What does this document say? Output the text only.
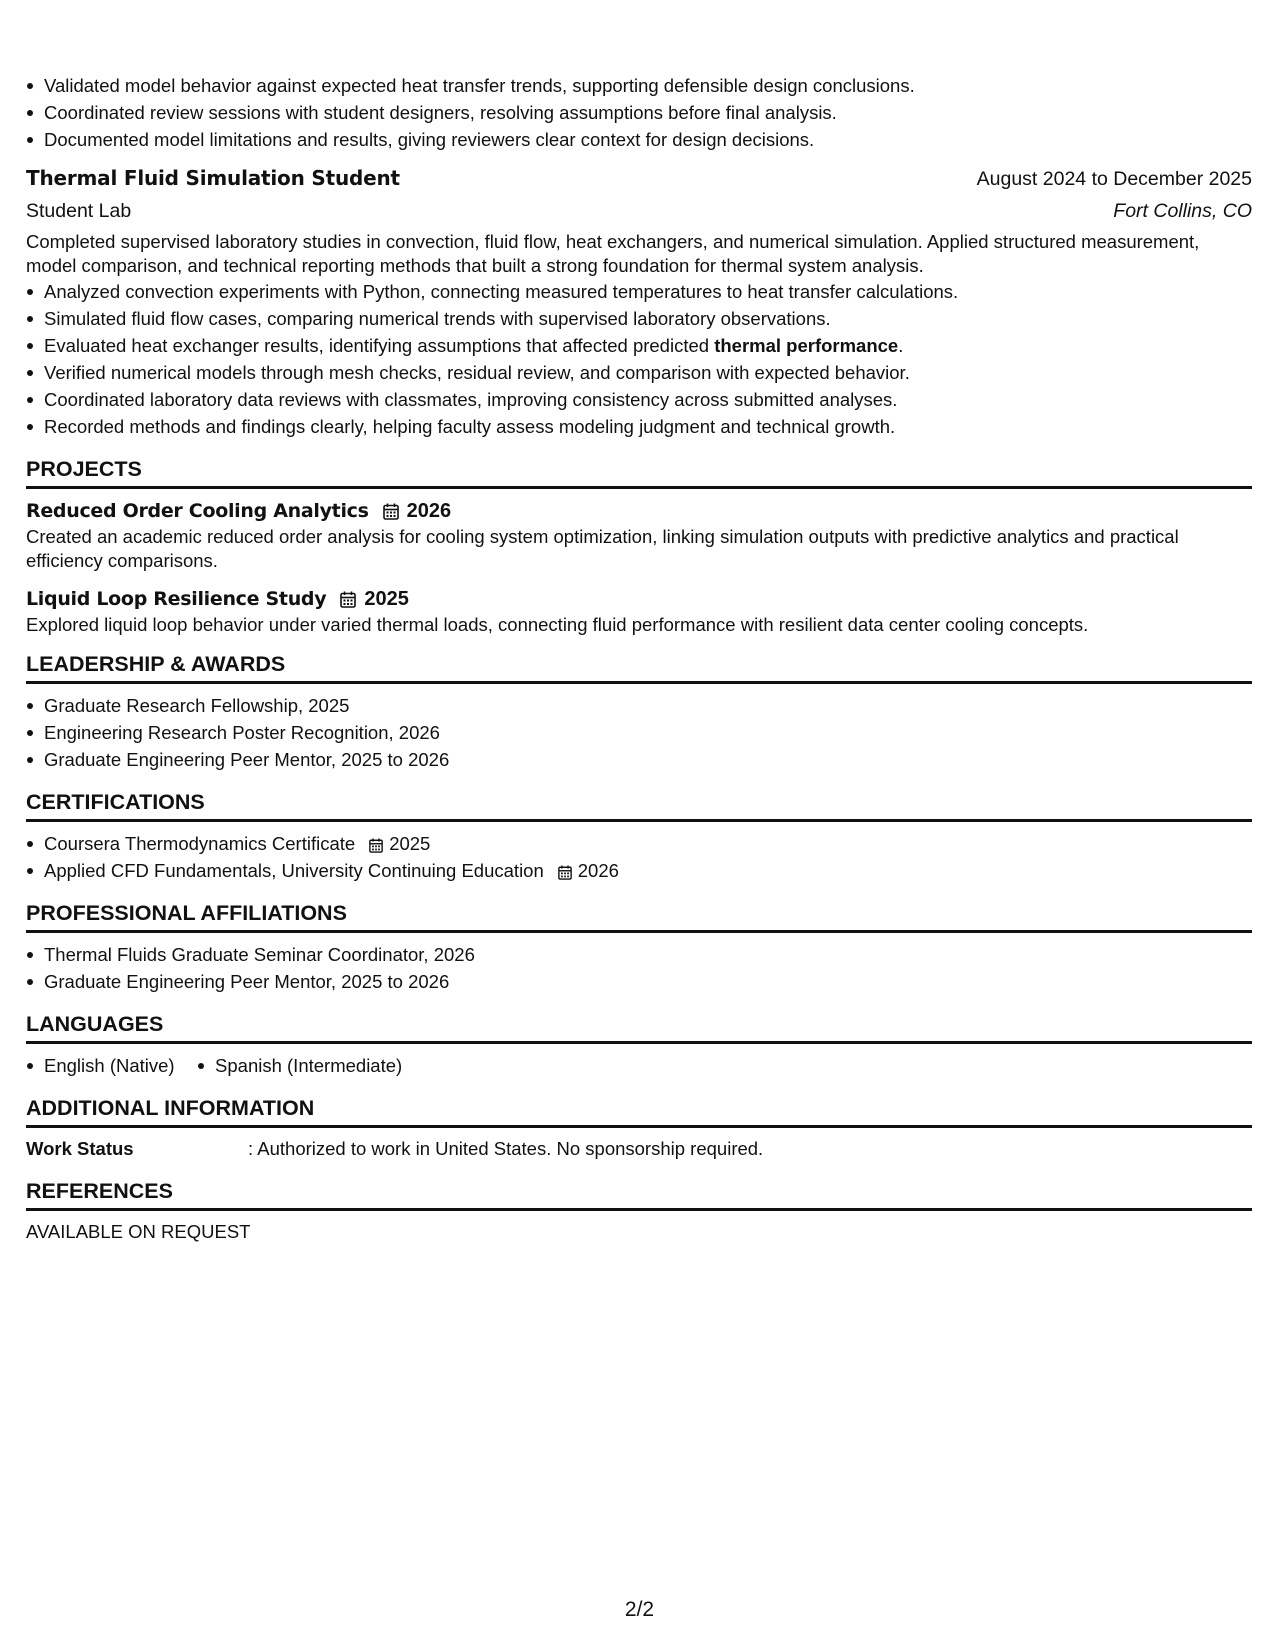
Validated model behavior against expected heat transfer trends, supporting defensible design conclusions.
Coordinated review sessions with student designers, resolving assumptions before final analysis.
Documented model limitations and results, giving reviewers clear context for design decisions.
Thermal Fluid Simulation Student	August 2024 to December 2025
Student Lab	Fort Collins, CO
Completed supervised laboratory studies in convection, fluid flow, heat exchangers, and numerical simulation. Applied structured measurement, model comparison, and technical reporting methods that built a strong foundation for thermal system analysis.
Analyzed convection experiments with Python, connecting measured temperatures to heat transfer calculations.
Simulated fluid flow cases, comparing numerical trends with supervised laboratory observations.
Evaluated heat exchanger results, identifying assumptions that affected predicted thermal performance.
Verified numerical models through mesh checks, residual review, and comparison with expected behavior.
Coordinated laboratory data reviews with classmates, improving consistency across submitted analyses.
Recorded methods and findings clearly, helping faculty assess modeling judgment and technical growth.
PROJECTS
Reduced Order Cooling Analytics 2026
Created an academic reduced order analysis for cooling system optimization, linking simulation outputs with predictive analytics and practical efficiency comparisons.
Liquid Loop Resilience Study 2025
Explored liquid loop behavior under varied thermal loads, connecting fluid performance with resilient data center cooling concepts.
LEADERSHIP & AWARDS
Graduate Research Fellowship, 2025
Engineering Research Poster Recognition, 2026
Graduate Engineering Peer Mentor, 2025 to 2026
CERTIFICATIONS
Coursera Thermodynamics Certificate 2025
Applied CFD Fundamentals, University Continuing Education 2026
PROFESSIONAL AFFILIATIONS
Thermal Fluids Graduate Seminar Coordinator, 2026
Graduate Engineering Peer Mentor, 2025 to 2026
LANGUAGES
English (Native) Spanish (Intermediate)
ADDITIONAL INFORMATION
Work Status	: Authorized to work in United States. No sponsorship required.
REFERENCES
AVAILABLE ON REQUEST
2/2
